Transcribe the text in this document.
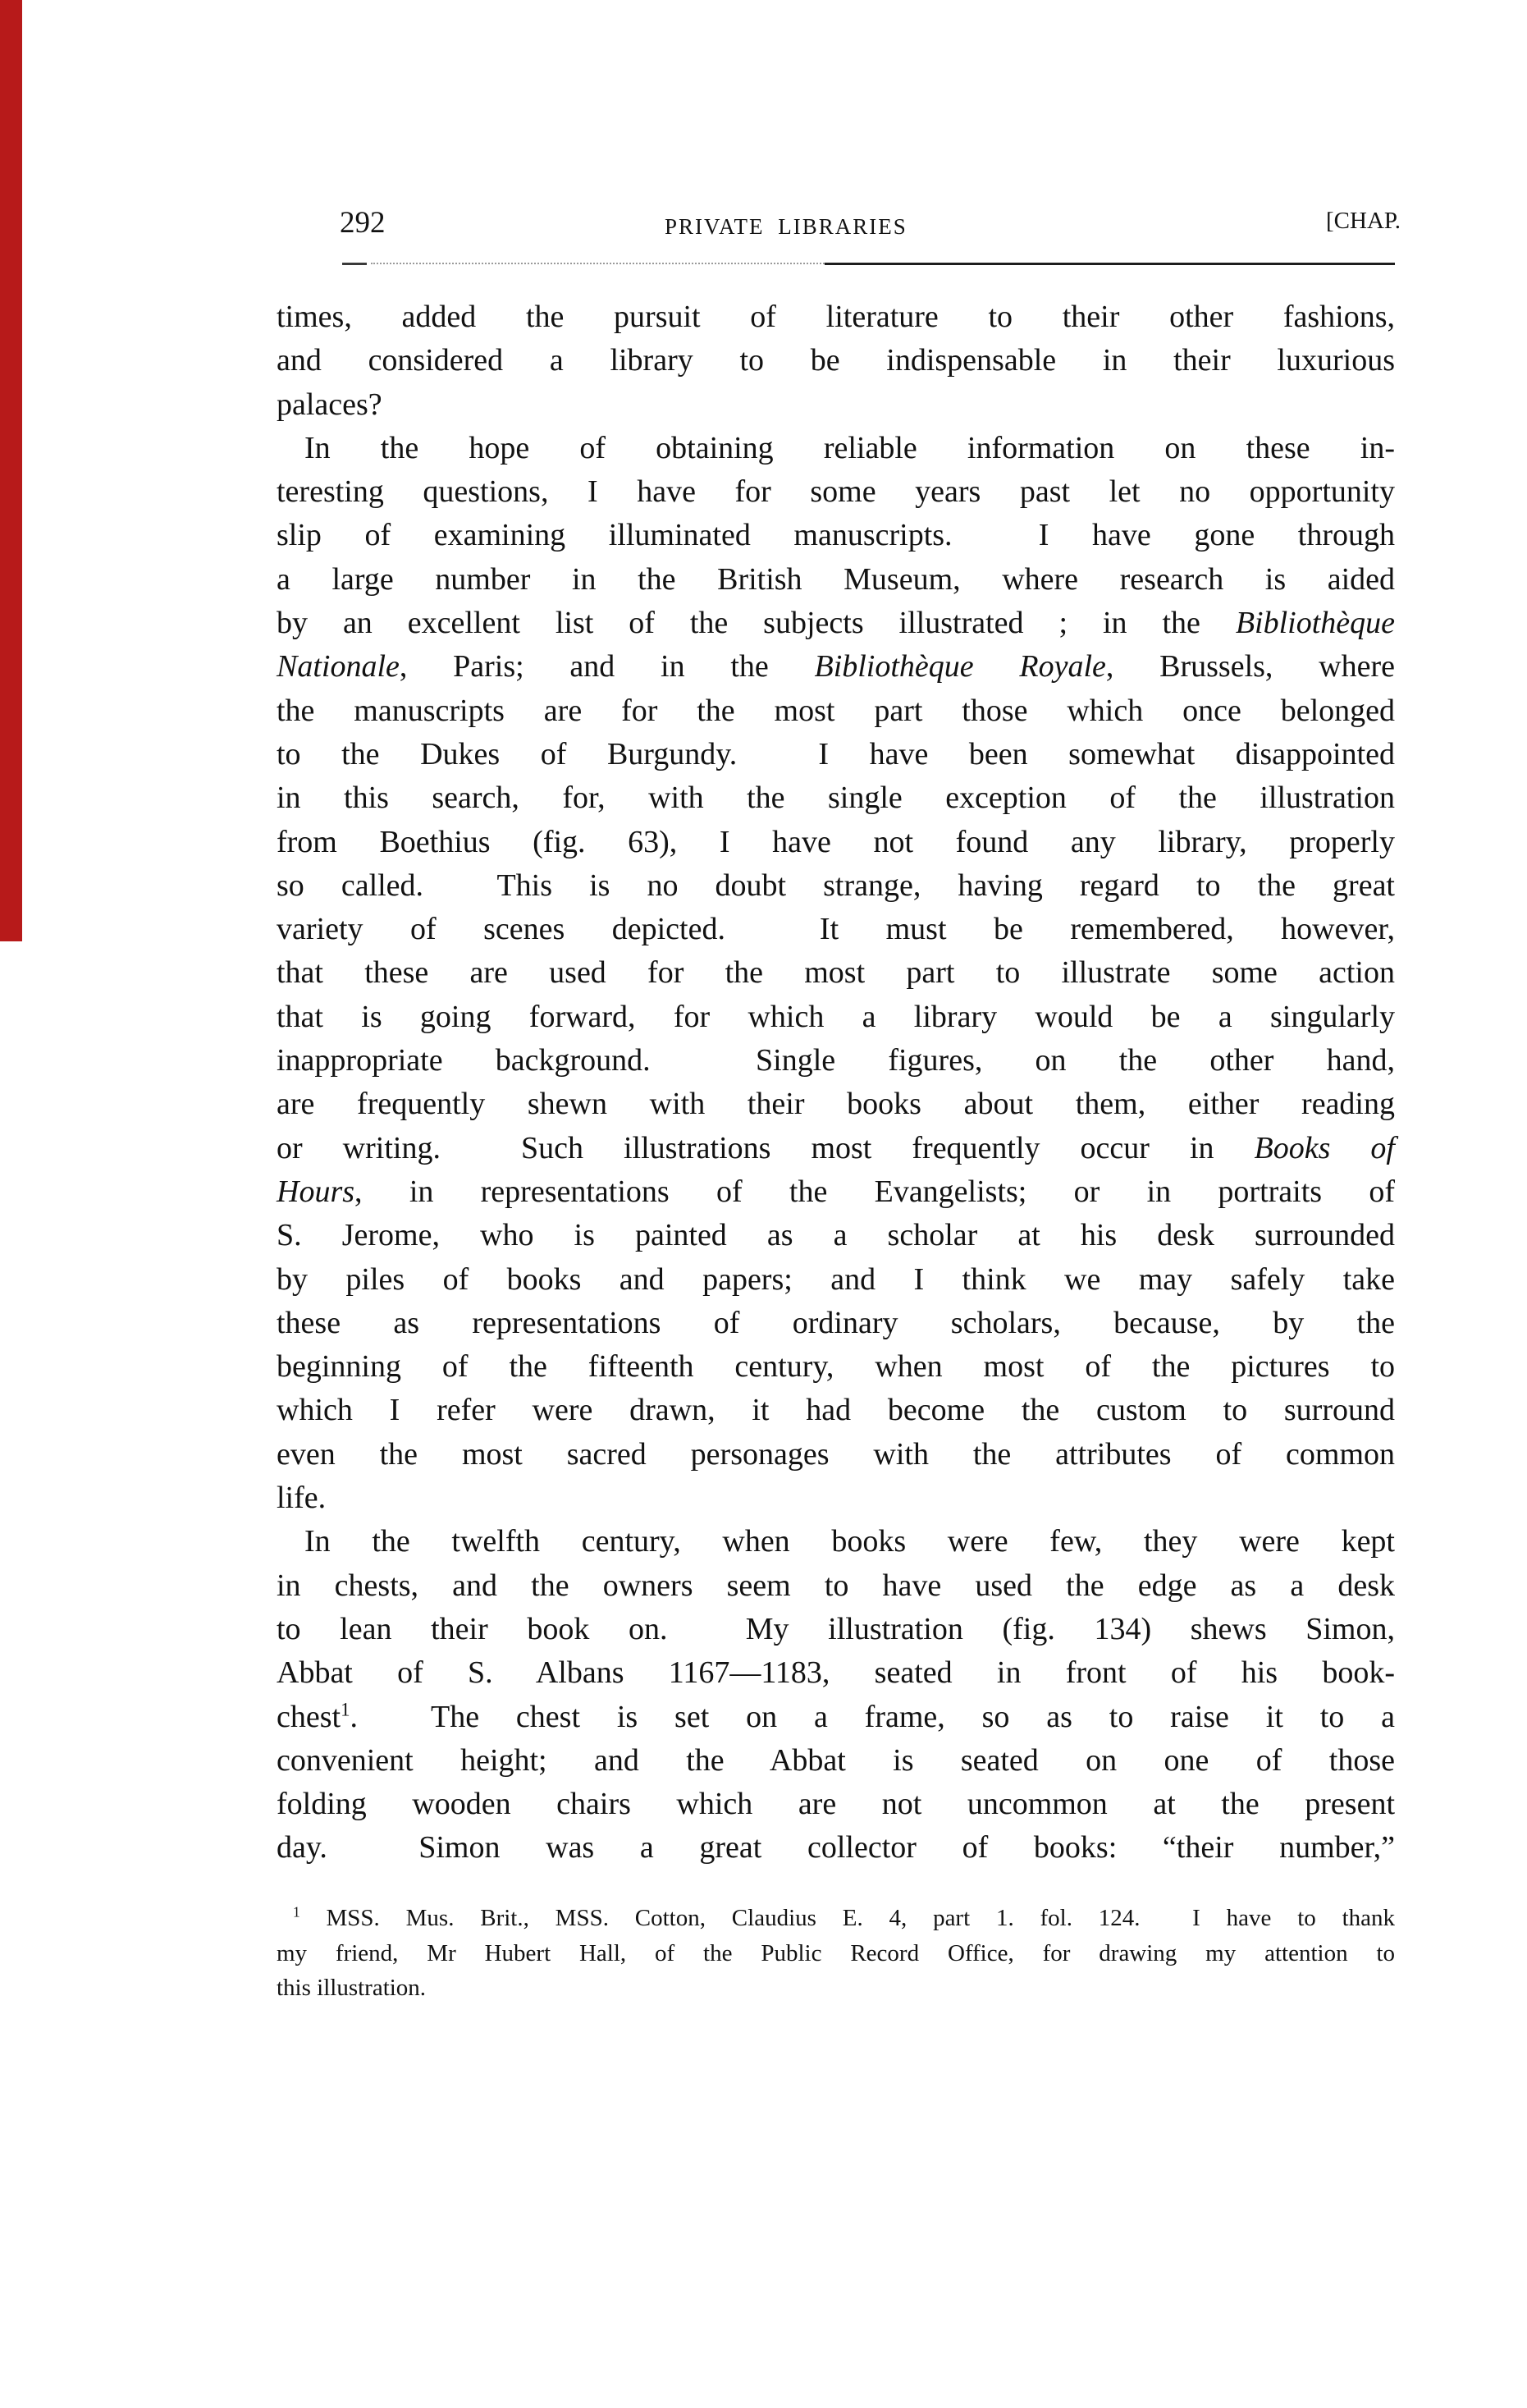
292	PRIVATE LIBRARIES	[CHAP.
times, added the pursuit of literature to their other fashions,
and considered a library to be indispensable in their luxurious
palaces?
In the hope of obtaining reliable information on these in-
teresting questions, I have for some years past let no opportunity
slip of examining illuminated manuscripts.  I have gone through
a large number in the British Museum, where research is aided
by an excellent list of the subjects illustrated ; in the Bibliothèque
Nationale, Paris; and in the Bibliothèque Royale, Brussels, where
the manuscripts are for the most part those which once belonged
to the Dukes of Burgundy.  I have been somewhat disappointed
in this search, for, with the single exception of the illustration
from Boethius (fig. 63), I have not found any library, properly
so called.  This is no doubt strange, having regard to the great
variety of scenes depicted.  It must be remembered, however,
that these are used for the most part to illustrate some action
that is going forward, for which a library would be a singularly
inappropriate background.  Single figures, on the other hand,
are frequently shewn with their books about them, either reading
or writing.  Such illustrations most frequently occur in Books of
Hours, in representations of the Evangelists; or in portraits of
S. Jerome, who is painted as a scholar at his desk surrounded
by piles of books and papers; and I think we may safely take
these as representations of ordinary scholars, because, by the
beginning of the fifteenth century, when most of the pictures to
which I refer were drawn, it had become the custom to surround
even the most sacred personages with the attributes of common
life.
In the twelfth century, when books were few, they were kept
in chests, and the owners seem to have used the edge as a desk
to lean their book on.  My illustration (fig. 134) shews Simon,
Abbat of S. Albans 1167—1183, seated in front of his book-
chest$^1$.  The chest is set on a frame, so as to raise it to a
convenient height; and the Abbat is seated on one of those
folding wooden chairs which are not uncommon at the present
day.  Simon was a great collector of books: “their number,”
$^1$ MSS. Mus. Brit., MSS. Cotton, Claudius E. 4, part 1. fol. 124.  I have to thank
my friend, Mr Hubert Hall, of the Public Record Office, for drawing my attention to
this illustration.
